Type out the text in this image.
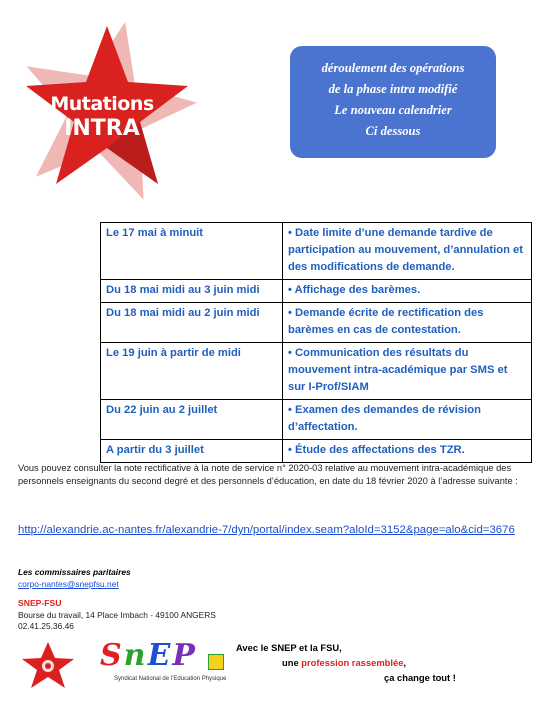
Mutations
INTRA
déroulement des opérations
de la phase intra modifié
Le nouveau calendrier
Ci dessous
Le 17 mai à minuit	• Date limite d’une demande tardive de participation au mouvement, d’annulation et des modifications de demande.
Du 18 mai midi au 3 juin midi	• Affichage des barèmes.
Du 18 mai midi au 2 juin midi	• Demande écrite de rectification des barèmes en cas de contestation.
Le 19 juin à partir de midi	• Communication des résultats du mouvement intra-académique par SMS et sur I-Prof/SIAM
Du 22 juin au 2 juillet	• Examen des demandes de révision d’affectation.
A partir du 3 juillet	• Étude des affectations des TZR.
Vous pouvez consulter la note rectificative à la note de service n° 2020-03 relative au mouvement intra-académique des personnels enseignants du second degré et des personnels d’éducation, en date du 18 février 2020 à l’adresse suivante :
http://alexandrie.ac-nantes.fr/alexandrie-7/dyn/portal/index.seam?aloId=3152&page=alo&cid=3676
Les commissaires paritaires
corpo-nantes@snepfsu.net
SNEP-FSU
Bourse du travail, 14 Place Imbach - 49100 ANGERS
02.41.25.36.46
SnEP
Syndicat National de l’Education Physique
Avec le SNEP et la FSU,
une profession rassemblée,
ça change tout !
